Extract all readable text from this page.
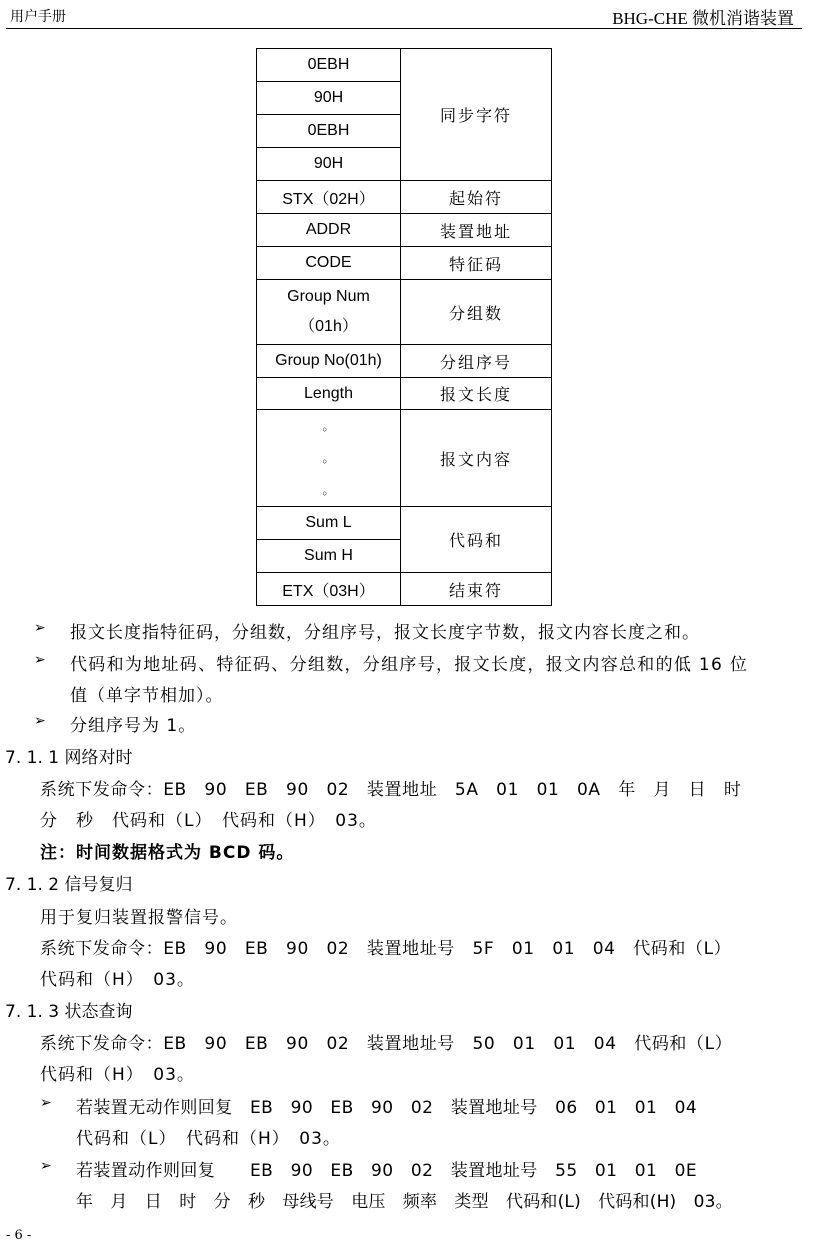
用户手册	BHG-CHE 微机消谐装置
0EBH	同步字符
90H	
0EBH	
90H	
STX（02H）	起始符
ADDR	装置地址
CODE	特征码

Group Num
（01h）	分组数
Group No(01h)	分组序号
Length	报文长度

。
。
。	报文内容
Sum L	代码和
Sum H	
ETX（03H）	结束符
➢ 报文长度指特征码，分组数，分组序号，报文长度字节数，报文内容长度之和。
➢ 代码和为地址码、特征码、分组数，分组序号，报文长度，报文内容总和的低 16 位
值（单字节相加）。
➢ 分组序号为 1。
7. 1. 1 网络对时
系统下发命令：EB　90　EB　90　02　装置地址　5A　01　01　0A　年　月　日　时
分　秒　代码和（L）　代码和（H）　03。
注：时间数据格式为 BCD 码。
7. 1. 2 信号复归
用于复归装置报警信号。
系统下发命令：EB　90　EB　90　02　装置地址号　5F　01　01　04　代码和（L）
代码和（H）　03。
7. 1. 3 状态查询
系统下发命令：EB　90　EB　90　02　装置地址号　50　01　01　04　代码和（L）
代码和（H）　03。
➢ 若装置无动作则回复　EB　90　EB　90　02　装置地址号　06　01　01　04
代码和（L）　代码和（H）　03。
➢ 若装置动作则回复　　EB　90　EB　90　02　装置地址号　55　01　01　0E
年　月　日　时　分　秒　母线号　电压　频率　类型　代码和(L)　代码和(H)　03。
- 6 -
